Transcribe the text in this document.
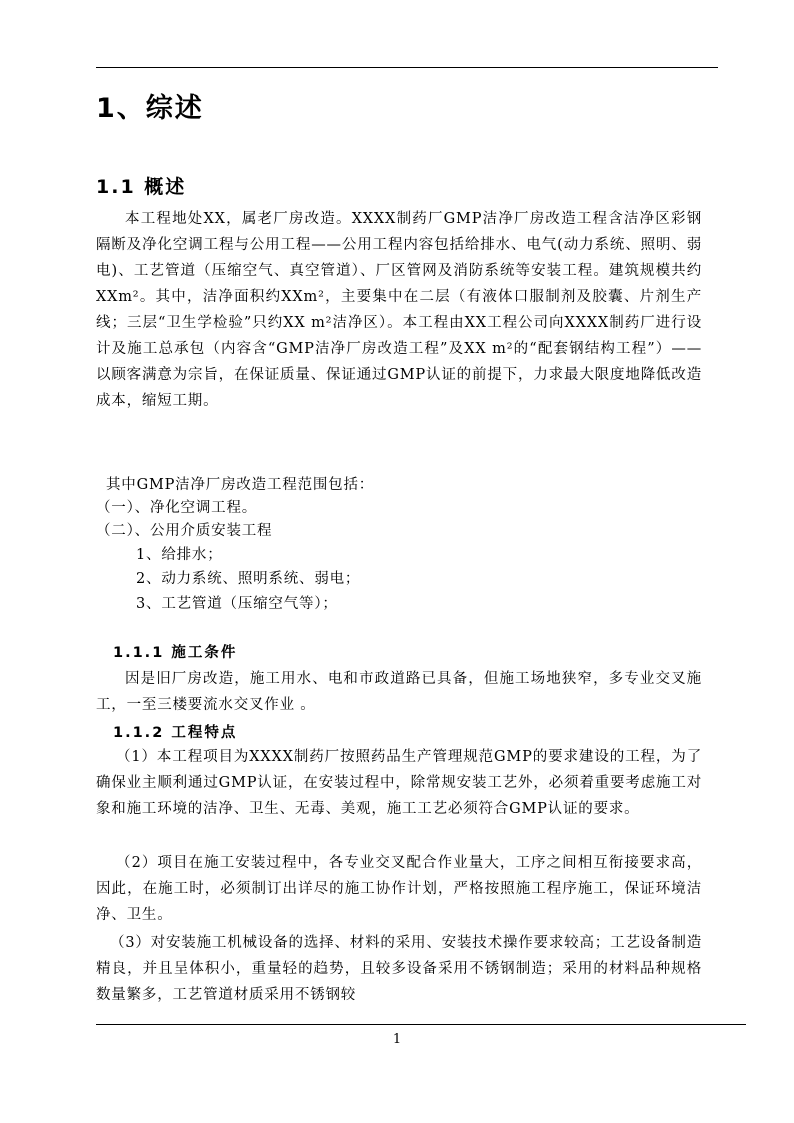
1、综述
1.1 概述

本工程地处XX，属老厂房改造。XXXX制药厂GMP洁净厂房改造工程含洁净区彩钢隔断及净化空调工程与公用工程——公用工程内容包括给排水、电气(动力系统、照明、弱电)、工艺管道（压缩空气、真空管道）、厂区管网及消防系统等安装工程。建筑规模共约XXm²。其中，洁净面积约XXm²，主要集中在二层（有液体口服制剂及胶囊、片剂生产线；三层“卫生学检验”只约XX m²洁净区）。本工程由XX工程公司向XXXX制药厂进行设计及施工总承包（内容含“GMP洁净厂房改造工程”及XX m²的“配套钢结构工程”）——以顾客满意为宗旨，在保证质量、保证通过GMP认证的前提下，力求最大限度地降低改造成本，缩短工期。

其中GMP洁净厂房改造工程范围包括：

（一）、净化空调工程。

（二）、公用介质安装工程

1、给排水；

2、动力系统、照明系统、弱电；

3、工艺管道（压缩空气等）；

1.1.1 施工条件

因是旧厂房改造，施工用水、电和市政道路已具备，但施工场地狭窄，多专业交叉施工，一至三楼要流水交叉作业 。

1.1.2 工程特点

（1）本工程项目为XXXX制药厂按照药品生产管理规范GMP的要求建设的工程，为了确保业主顺利通过GMP认证，在安装过程中，除常规安装工艺外，必须着重要考虑施工对象和施工环境的洁净、卫生、无毒、美观，施工工艺必须符合GMP认证的要求。

（2）项目在施工安装过程中，各专业交叉配合作业量大，工序之间相互衔接要求高，因此，在施工时，必须制订出详尽的施工协作计划，严格按照施工程序施工，保证环境洁净、卫生。

（3）对安装施工机械设备的选择、材料的采用、安装技术操作要求较高；工艺设备制造精良，并且呈体积小，重量轻的趋势，且较多设备采用不锈钢制造；采用的材料品种规格数量繁多，工艺管道材质采用不锈钢较

1
